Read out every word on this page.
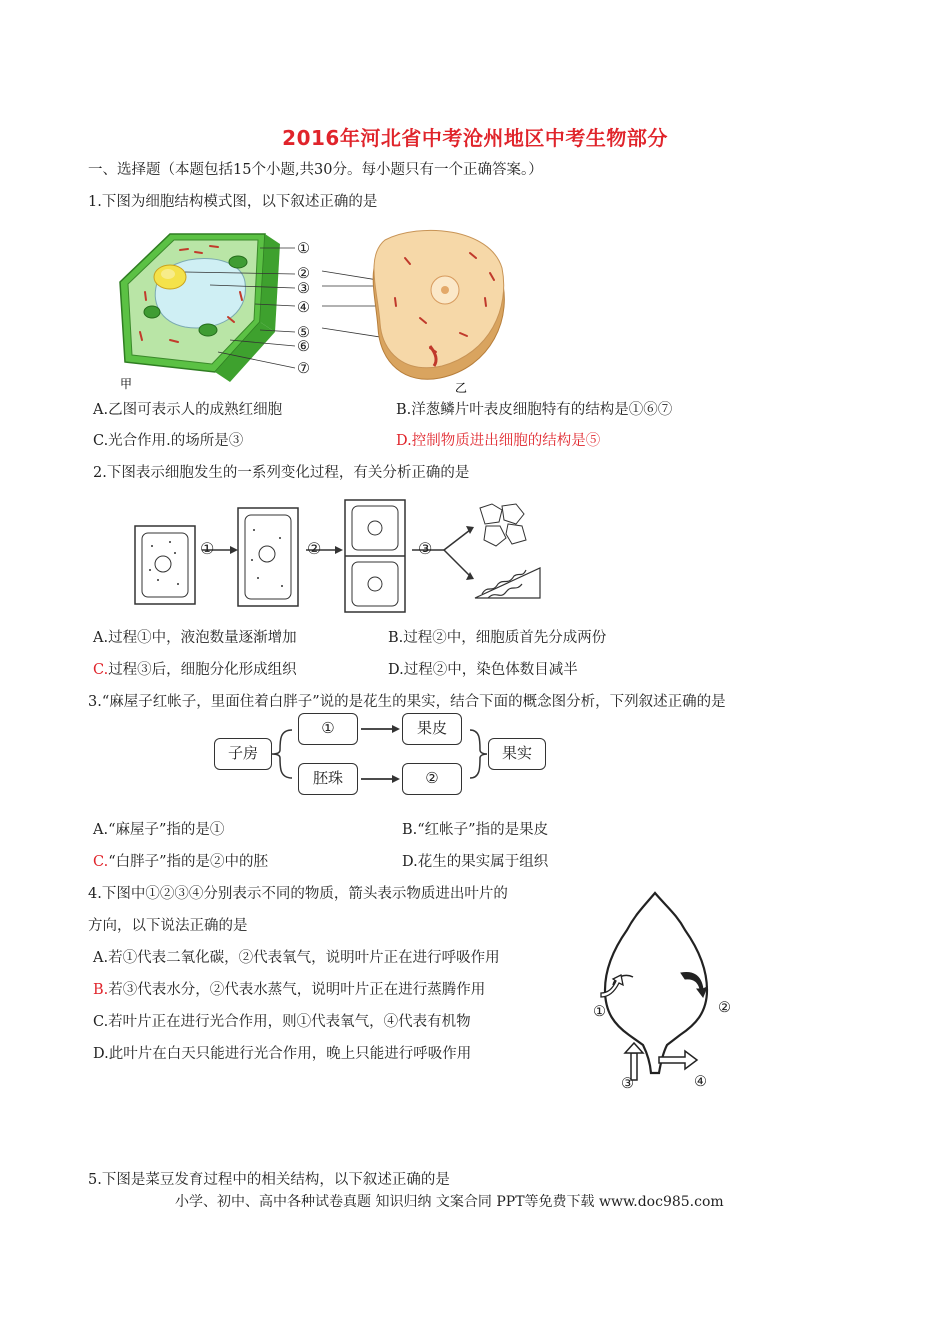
2016年河北省中考沧州地区中考生物部分
一、选择题（本题包括15个小题,共30分。每小题只有一个正确答案。）
1.下图为细胞结构模式图，以下叙述正确的是
甲
①
②
③
④
⑤
⑥
⑦
乙
A.乙图可表示人的成熟红细胞	B.洋葱鳞片叶表皮细胞特有的结构是①⑥⑦
C.光合作用.的场所是③	D.控制物质进出细胞的结构是⑤
2.下图表示细胞发生的一系列变化过程，有关分析正确的是
①	②	③
A.过程①中，液泡数量逐渐增加	B.过程②中，细胞质首先分成两份
C.过程③后，细胞分化形成组织	D.过程②中，染色体数目减半
3.“麻屋子红帐子，里面住着白胖子”说的是花生的果实，结合下面的概念图分析，下列叙述正确的是
子房
①	果皮
胚珠	②
果实
A.“麻屋子”指的是①	B.“红帐子”指的是果皮
C.“白胖子”指的是②中的胚	D.花生的果实属于组织
4.下图中①②③④分别表示不同的物质，箭头表示物质进出叶片的
方向，以下说法正确的是
A.若①代表二氧化碳，②代表氧气，说明叶片正在进行呼吸作用
B.若③代表水分，②代表水蒸气，说明叶片正在进行蒸腾作用
C.若叶片正在进行光合作用，则①代表氧气，④代表有机物
D.此叶片在白天只能进行光合作用，晚上只能进行呼吸作用
①	②
③	④
5.下图是菜豆发育过程中的相关结构，以下叙述正确的是
小学、初中、高中各种试卷真题 知识归纳 文案合同 PPT等免费下载 www.doc985.com
